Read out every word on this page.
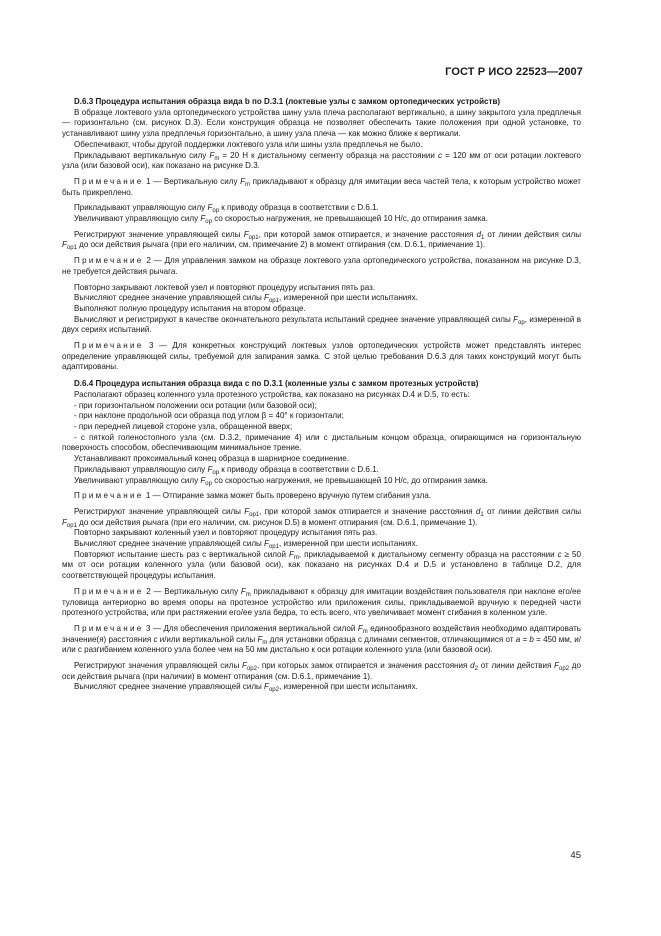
ГОСТ Р ИСО 22523—2007

D.6.3 Процедура испытания образца вида b по D.3.1 (локтевые узлы с замком ортопедических устройств)

В образце локтевого узла ортопедического устройства шину узла плеча располагают вертикально, а шину закрытого узла предплечья — горизонтально (см. рисунок D.3). Если конструкция образца не позволяет обеспечить такие положения при одной установке, то устанавливают шину узла предплечья горизонтально, а шину узла плеча — как можно ближе к вертикали.

Обеспечивают, чтобы другой поддержки локтевого узла или шины узла предплечья не было.

Прикладывают вертикальную силу $F_m = 20$ Н к дистальному сегменту образца на расстоянии c = 120 мм от оси ротации локтевого узла (или базовой оси), как показано на рисунке D.3.

Примечание 1 — Вертикальную силу $F_m$ прикладывают к образцу для имитации веса частей тела, к которым устройство может быть прикреплено.

Прикладывают управляющую силу $F_{op}$ к приводу образца в соответствии с D.6.1.

Увеличивают управляющую силу $F_{op}$ со скоростью нагружения, не превышающей 10 Н/с, до отпирания замка.

Регистрируют значение управляющей силы $F_{op1}$, при которой замок отпирается, и значение расстояния $d_1$ от линии действия силы $F_{op1}$ до оси действия рычага (при его наличии, см. примечание 2) в момент отпирания (см. D.6.1, примечание 1).

Примечание 2 — Для управления замком на образце локтевого узла ортопедического устройства, показанном на рисунке D.3, не требуется действия рычага.

Повторно закрывают локтевой узел и повторяют процедуру испытания пять раз.

Вычисляют среднее значение управляющей силы $F_{op1}$, измеренной при шести испытаниях.

Выполняют полную процедуру испытания на втором образце.

Вычисляют и регистрируют в качестве окончательного результата испытаний среднее значение управляющей силы $F_{op}$, измеренной в двух сериях испытаний.

Примечание 3 — Для конкретных конструкций локтевых узлов ортопедических устройств может представлять интерес определение управляющей силы, требуемой для запирания замка. С этой целью требования D.6.3 для таких конструкций могут быть адаптированы.

D.6.4 Процедура испытания образца вида с по D.3.1 (коленные узлы с замком протезных устройств)

Располагают образец коленного узла протезного устройства, как показано на рисунках D.4 и D.5, то есть:

- при горизонтальном положении оси ротации (или базовой оси);

- при наклоне продольной оси образца под углом β = 40° к горизонтали;

- при передней лицевой стороне узла, обращенной вверх;

- с пяткой голеностопного узла (см. D.3.2, примечание 4) или с дистальным концом образца, опирающимся на горизонтальную поверхность способом, обеспечивающим минимальное трение.

Устанавливают проксимальный конец образца в шарнирное соединение.

Прикладывают управляющую силу $F_{op}$ к приводу образца в соответствии с D.6.1.

Увеличивают управляющую силу $F_{op}$ со скоростью нагружения, не превышающей 10 Н/с, до отпирания замка.

Примечание 1 — Отпирание замка может быть проверено вручную путем сгибания узла.

Регистрируют значение управляющей силы $F_{op1}$, при которой замок отпирается и значение расстояния $d_1$ от линии действия силы $F_{op1}$ до оси действия рычага (при его наличии, см. рисунок D.5) в момент отпирания (см. D.6.1, примечание 1).

Повторно закрывают коленный узел и повторяют процедуру испытания пять раз.

Вычисляют среднее значение управляющей силы $F_{op1}$, измеренной при шести испытаниях.

Повторяют испытание шесть раз с вертикальной силой $F_m$, прикладываемой к дистальному сегменту образца на расстоянии c ≥ 50 мм от оси ротации коленного узла (или базовой оси), как показано на рисунках D.4 и D.5 и установлено в таблице D.2, для соответствующей процедуры испытания.

Примечание 2 — Вертикальную силу $F_m$ прикладывают к образцу для имитации воздействия пользователя при наклоне его/ее туловища антериорно во время опоры на протезное устройство или приложения силы, прикладываемой вручную к передней части протезного устройства, или при растяжении его/ее узла бедра, то есть всего, что увеличивает момент сгибания в коленном узле.

Примечание 3 — Для обеспечения приложения вертикальной силой $F_m$ единообразного воздействия необходимо адаптировать значение(я) расстояния c и/или вертикальной силы $F_m$ для установки образца с длинами сегментов, отличающимися от a = b = 450 мм, и/или с разгибанием коленного узла более чем на 50 мм дистально к оси ротации коленного узла (или базовой оси).

Регистрируют значения управляющей силы $F_{op2}$, при которых замок отпирается и значения расстояния $d_2$ от линии действия $F_{op2}$ до оси действия рычага (при наличии) в момент отпирания (см. D.6.1, примечание 1).

Вычисляют среднее значение управляющей силы $F_{op2}$, измеренной при шести испытаниях.

45
